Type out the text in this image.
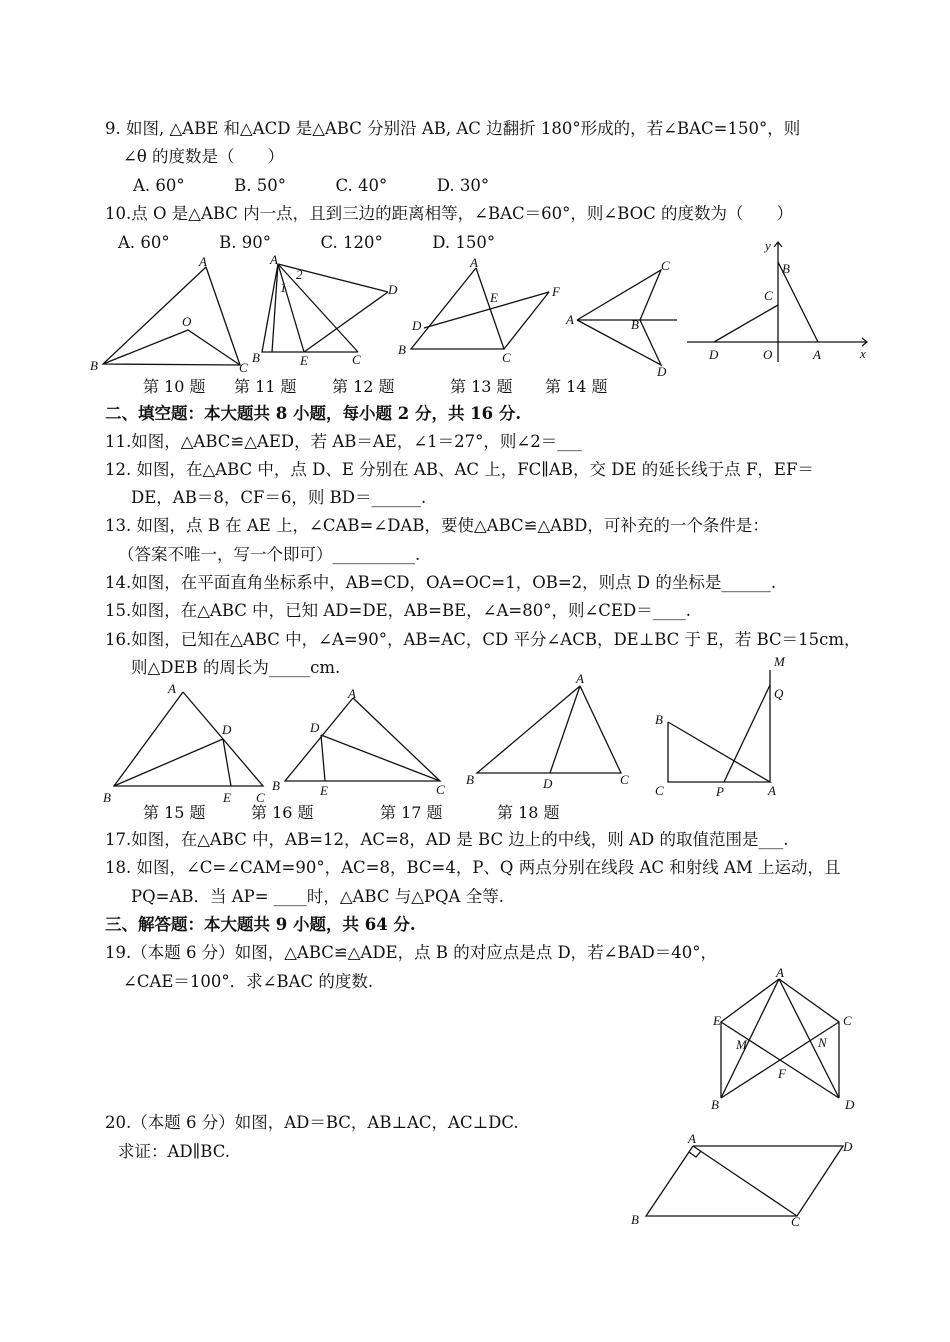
9. 如图, △ABE 和△ACD 是△ABC 分别沿 AB, AC 边翻折 180°形成的，若∠BAC=150°，则
∠θ 的度数是（　　）
A. 60°　　　B. 50°　　　C. 40°　　　D. 30°
10.点 O 是△ABC 内一点，且到三边的距离相等，∠BAC＝60°，则∠BOC 的度数为（　　）
A. 60°　　　B. 90°　　　C. 120°　　　D. 150°
A
B	C
O
A
B	E	C
D
1
2
A
B
C
D
E	F
C
A	B
D
y
x
B
C
D	O	A
第 10 题 第 11 题 第 12 题	第 13 题 第 14 题
二、填空题：本大题共 8 小题，每小题 2 分，共 16 分.
11.如图，△ABC≌△AED，若 AB＝AE，∠1＝27°，则∠2＝___
12. 如图，在△ABC 中，点 D、E 分别在 AB、AC 上，FC∥AB，交 DE 的延长线于点 F，EF＝
DE，AB＝8，CF＝6，则 BD＝______.
13. 如图，点 B 在 AE 上，∠CAB=∠DAB，要使△ABC≌△ABD，可补充的一个条件是：
（答案不唯一，写一个即可）__________.
14.如图，在平面直角坐标系中，AB=CD，OA=OC=1，OB=2，则点 D 的坐标是______.
15.如图，在△ABC 中，已知 AD=DE，AB=BE，∠A=80°，则∠CED＝____.
16.如图，已知在△ABC 中，∠A=90°，AB=AC，CD 平分∠ACB，DE⊥BC 于 E，若 BC＝15cm，
则△DEB 的周长为_____cm.
A
B
D
E C
A
B
D
E	C
A
B	D	C
M
Q
B
C	P	A
第 15 题	第 16 题	第 17 题	第 18 题
17.如图，在△ABC 中，AB=12，AC=8，AD 是 BC 边上的中线，则 AD 的取值范围是___.
18. 如图，∠C=∠CAM=90°，AC=8，BC=4，P、Q 两点分别在线段 AC 和射线 AM 上运动，且
PQ=AB．当 AP= ____时，△ABC 与△PQA 全等.
三、解答题：本大题共 9 小题，共 64 分.
19.（本题 6 分）如图，△ABC≌△ADE，点 B 的对应点是点 D，若∠BAD＝40°，
∠CAE＝100°．求∠BAC 的度数.	A
E	C
M	N
F
B	D
20.（本题 6 分）如图，AD＝BC，AB⊥AC，AC⊥DC.
求证：AD∥BC.
A
D
B	C
